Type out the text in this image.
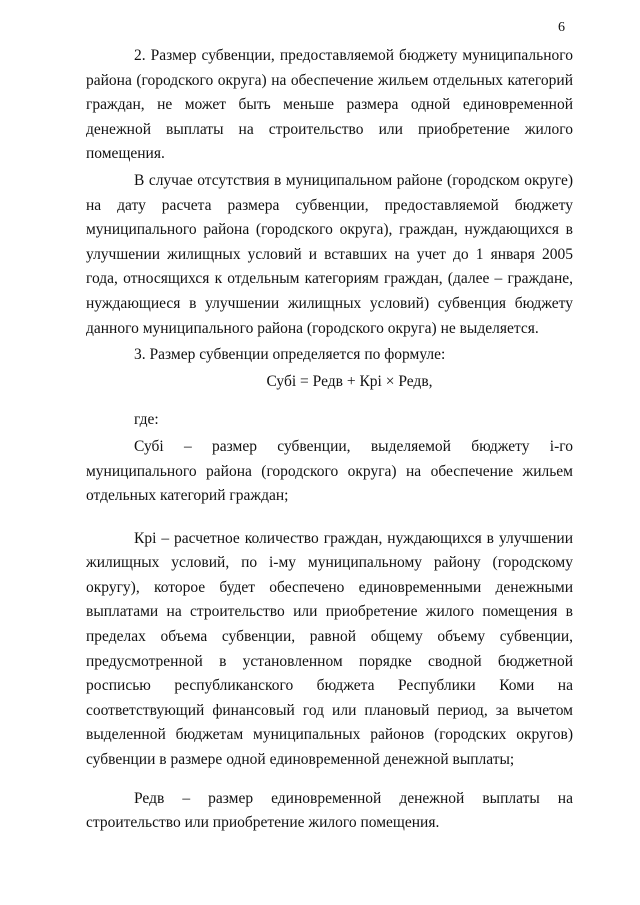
6

2. Размер субвенции, предоставляемой бюджету муниципального района (городского округа) на обеспечение жильем отдельных категорий граждан, не может быть меньше размера одной единовременной денежной выплаты на строительство или приобретение жилого помещения.

В случае отсутствия в муниципальном районе (городском округе) на дату расчета размера субвенции, предоставляемой бюджету муниципального района (городского округа), граждан, нуждающихся в улучшении жилищных условий и вставших на учет до 1 января 2005 года, относящихся к отдельным категориям граждан, (далее – граждане, нуждающиеся в улучшении жилищных условий) субвенция бюджету данного муниципального района (городского округа) не выделяется.

3. Размер субвенции определяется по формуле:

Субi = Редв + Крi × Редв,

где:

Субi – размер субвенции, выделяемой бюджету i-го муниципального района (городского округа) на обеспечение жильем отдельных категорий граждан;

Крi – расчетное количество граждан, нуждающихся в улучшении жилищных условий, по i-му муниципальному району (городскому округу), которое будет обеспечено единовременными денежными выплатами на строительство или приобретение жилого помещения в пределах объема субвенции, равной общему объему субвенции, предусмотренной в установленном порядке сводной бюджетной росписью республиканского бюджета Республики Коми на соответствующий финансовый год или плановый период, за вычетом выделенной бюджетам муниципальных районов (городских округов) субвенции в размере одной единовременной денежной выплаты;

Редв – размер единовременной денежной выплаты на строительство или приобретение жилого помещения.
